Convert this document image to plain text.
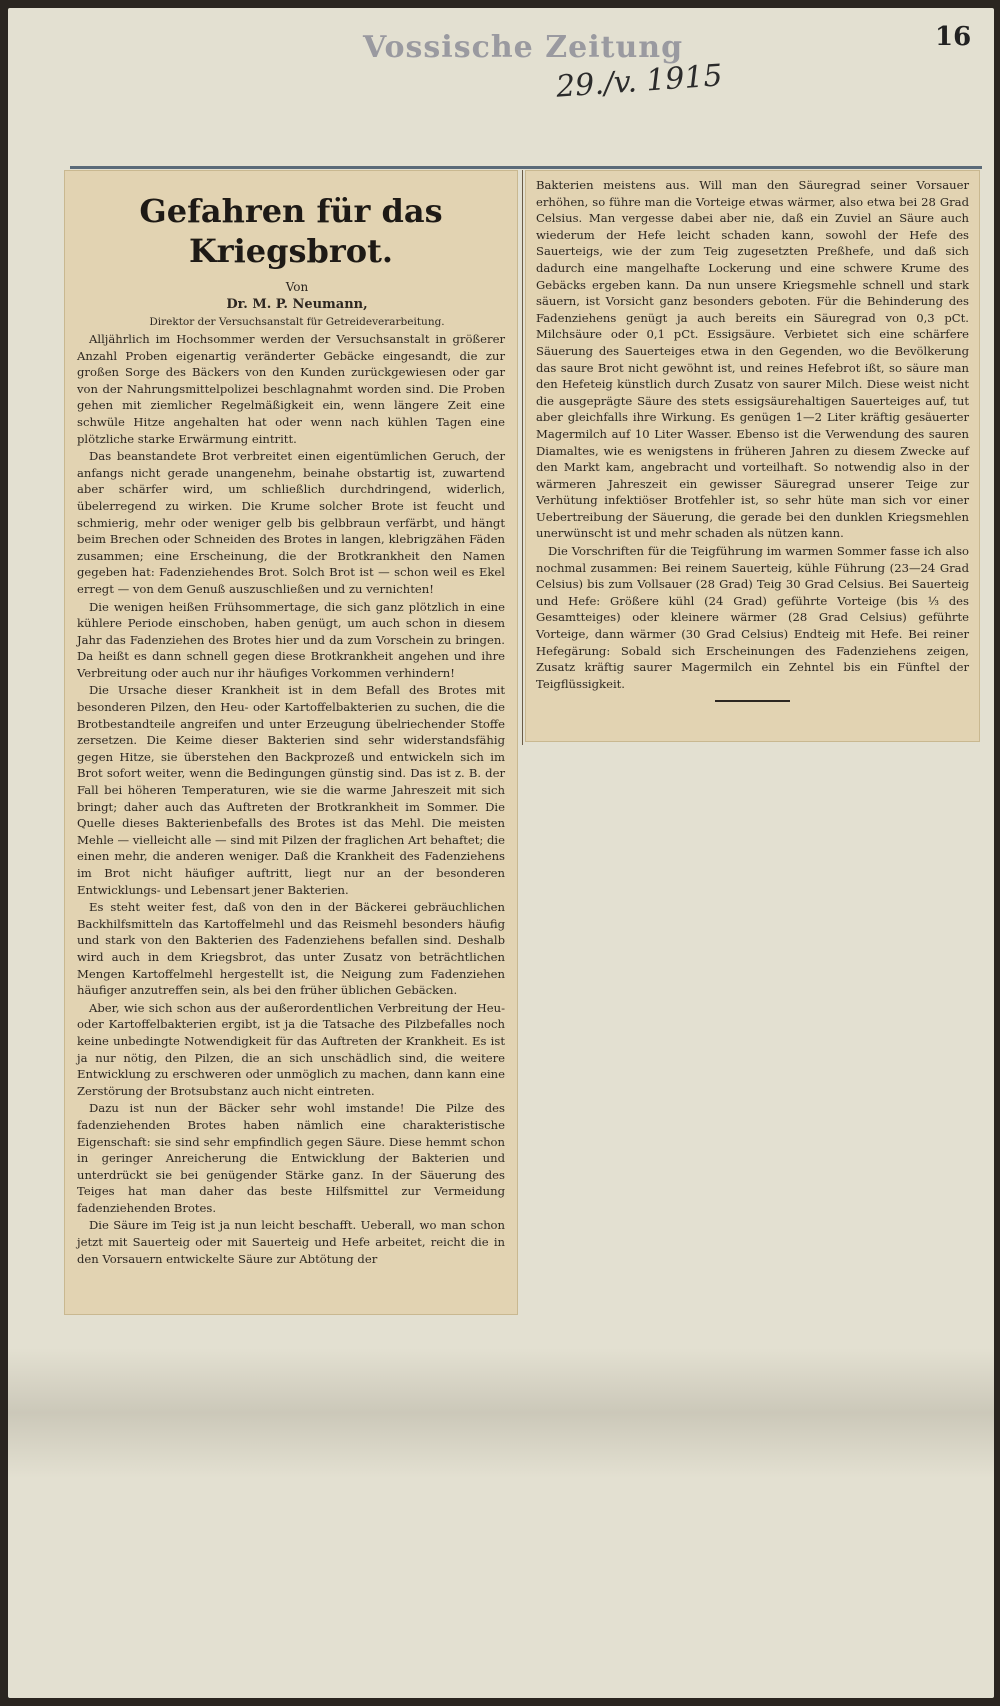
Vossische Zeitung
29./v. 1915
16
Gefahren für das Kriegsbrot.

Von

Dr. M. P. Neumann,

Direktor der Versuchsanstalt für Getreideverarbeitung.

Alljährlich im Hochsommer werden der Versuchsanstalt in größerer Anzahl Proben eigenartig veränderter Gebäcke eingesandt, die zur großen Sorge des Bäckers von den Kunden zurückgewiesen oder gar von der Nahrungsmittelpolizei beschlagnahmt worden sind. Die Proben gehen mit ziemlicher Regelmäßigkeit ein, wenn längere Zeit eine schwüle Hitze angehalten hat oder wenn nach kühlen Tagen eine plötzliche starke Erwärmung eintritt.

Das beanstandete Brot verbreitet einen eigentümlichen Geruch, der anfangs nicht gerade unangenehm, beinahe obstartig ist, zuwartend aber schärfer wird, um schließlich durchdringend, widerlich, übelerregend zu wirken. Die Krume solcher Brote ist feucht und schmierig, mehr oder weniger gelb bis gelbbraun verfärbt, und hängt beim Brechen oder Schneiden des Brotes in langen, klebrigzähen Fäden zusammen; eine Erscheinung, die der Brotkrankheit den Namen gegeben hat: Fadenziehendes Brot. Solch Brot ist — schon weil es Ekel erregt — von dem Genuß auszuschließen und zu vernichten!

Die wenigen heißen Frühsommertage, die sich ganz plötzlich in eine kühlere Periode einschoben, haben genügt, um auch schon in diesem Jahr das Fadenziehen des Brotes hier und da zum Vorschein zu bringen. Da heißt es dann schnell gegen diese Brotkrankheit angehen und ihre Verbreitung oder auch nur ihr häufiges Vorkommen verhindern!

Die Ursache dieser Krankheit ist in dem Befall des Brotes mit besonderen Pilzen, den Heu- oder Kartoffelbakterien zu suchen, die die Brotbestandteile angreifen und unter Erzeugung übelriechender Stoffe zersetzen. Die Keime dieser Bakterien sind sehr widerstandsfähig gegen Hitze, sie überstehen den Backprozeß und entwickeln sich im Brot sofort weiter, wenn die Bedingungen günstig sind. Das ist z. B. der Fall bei höheren Temperaturen, wie sie die warme Jahreszeit mit sich bringt; daher auch das Auftreten der Brotkrankheit im Sommer. Die Quelle dieses Bakterienbefalls des Brotes ist das Mehl. Die meisten Mehle — vielleicht alle — sind mit Pilzen der fraglichen Art behaftet; die einen mehr, die anderen weniger. Daß die Krankheit des Fadenziehens im Brot nicht häufiger auftritt, liegt nur an der besonderen Entwicklungs- und Lebensart jener Bakterien.

Es steht weiter fest, daß von den in der Bäckerei gebräuchlichen Backhilfsmitteln das Kartoffelmehl und das Reismehl besonders häufig und stark von den Bakterien des Fadenziehens befallen sind. Deshalb wird auch in dem Kriegsbrot, das unter Zusatz von beträchtlichen Mengen Kartoffelmehl hergestellt ist, die Neigung zum Fadenziehen häufiger anzutreffen sein, als bei den früher üblichen Gebäcken.

Aber, wie sich schon aus der außerordentlichen Verbreitung der Heu- oder Kartoffelbakterien ergibt, ist ja die Tatsache des Pilzbefalles noch keine unbedingte Notwendigkeit für das Auftreten der Krankheit. Es ist ja nur nötig, den Pilzen, die an sich unschädlich sind, die weitere Entwicklung zu erschweren oder unmöglich zu machen, dann kann eine Zerstörung der Brotsubstanz auch nicht eintreten.

Dazu ist nun der Bäcker sehr wohl imstande! Die Pilze des fadenziehenden Brotes haben nämlich eine charakteristische Eigenschaft: sie sind sehr empfindlich gegen Säure. Diese hemmt schon in geringer Anreicherung die Entwicklung der Bakterien und unterdrückt sie bei genügender Stärke ganz. In der Säuerung des Teiges hat man daher das beste Hilfsmittel zur Vermeidung fadenziehenden Brotes.

Die Säure im Teig ist ja nun leicht beschafft. Ueberall, wo man schon jetzt mit Sauerteig oder mit Sauerteig und Hefe arbeitet, reicht die in den Vorsauern entwickelte Säure zur Abtötung der

Bakterien meistens aus. Will man den Säuregrad seiner Vorsauer erhöhen, so führe man die Vorteige etwas wärmer, also etwa bei 28 Grad Celsius. Man vergesse dabei aber nie, daß ein Zuviel an Säure auch wiederum der Hefe leicht schaden kann, sowohl der Hefe des Sauerteigs, wie der zum Teig zugesetzten Preßhefe, und daß sich dadurch eine mangelhafte Lockerung und eine schwere Krume des Gebäcks ergeben kann. Da nun unsere Kriegsmehle schnell und stark säuern, ist Vorsicht ganz besonders geboten. Für die Behinderung des Fadenziehens genügt ja auch bereits ein Säuregrad von 0,3 pCt. Milchsäure oder 0,1 pCt. Essigsäure. Verbietet sich eine schärfere Säuerung des Sauerteiges etwa in den Gegenden, wo die Bevölkerung das saure Brot nicht gewöhnt ist, und reines Hefebrot ißt, so säure man den Hefeteig künstlich durch Zusatz von saurer Milch. Diese weist nicht die ausgeprägte Säure des stets essigsäurehaltigen Sauerteiges auf, tut aber gleichfalls ihre Wirkung. Es genügen 1—2 Liter kräftig gesäuerter Magermilch auf 10 Liter Wasser. Ebenso ist die Verwendung des sauren Diamaltes, wie es wenigstens in früheren Jahren zu diesem Zwecke auf den Markt kam, angebracht und vorteilhaft. So notwendig also in der wärmeren Jahreszeit ein gewisser Säuregrad unserer Teige zur Verhütung infektiöser Brotfehler ist, so sehr hüte man sich vor einer Uebertreibung der Säuerung, die gerade bei den dunklen Kriegsmehlen unerwünscht ist und mehr schaden als nützen kann.

Die Vorschriften für die Teigführung im warmen Sommer fasse ich also nochmal zusammen: Bei reinem Sauerteig, kühle Führung (23—24 Grad Celsius) bis zum Vollsauer (28 Grad) Teig 30 Grad Celsius. Bei Sauerteig und Hefe: Größere kühl (24 Grad) geführte Vorteige (bis ⅓ des Gesamtteiges) oder kleinere wärmer (28 Grad Celsius) geführte Vorteige, dann wärmer (30 Grad Celsius) Endteig mit Hefe. Bei reiner Hefegärung: Sobald sich Erscheinungen des Fadenziehens zeigen, Zusatz kräftig saurer Magermilch ein Zehntel bis ein Fünftel der Teigflüssigkeit.
